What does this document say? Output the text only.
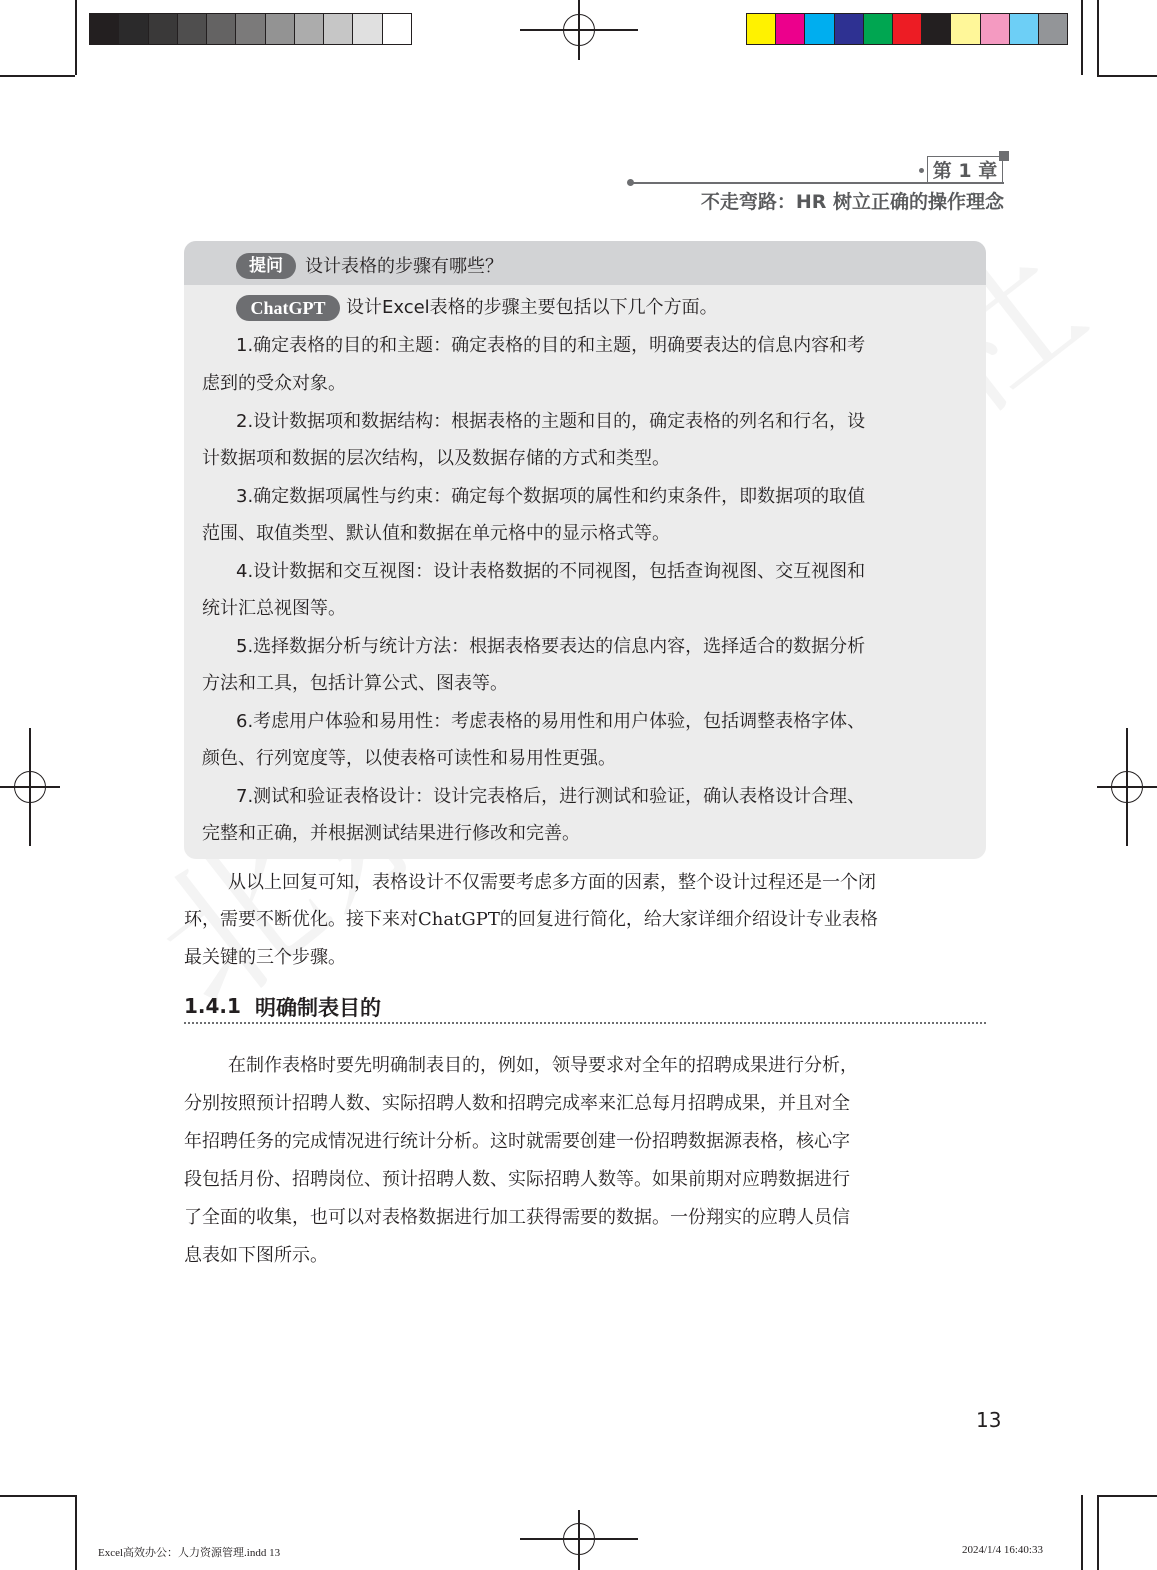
第 1 章
不走弯路：HR 树立正确的操作理念
提问	设计表格的步骤有哪些？
ChatGPT	设计Excel表格的步骤主要包括以下几个方面。
1.确定表格的目的和主题：确定表格的目的和主题，明确要表达的信息内容和考
虑到的受众对象。
2.设计数据项和数据结构：根据表格的主题和目的，确定表格的列名和行名，设
计数据项和数据的层次结构，以及数据存储的方式和类型。
3.确定数据项属性与约束：确定每个数据项的属性和约束条件，即数据项的取值
范围、取值类型、默认值和数据在单元格中的显示格式等。
4.设计数据和交互视图：设计表格数据的不同视图，包括查询视图、交互视图和
统计汇总视图等。
5.选择数据分析与统计方法：根据表格要表达的信息内容，选择适合的数据分析
方法和工具，包括计算公式、图表等。
6.考虑用户体验和易用性：考虑表格的易用性和用户体验，包括调整表格字体、
颜色、行列宽度等，以使表格可读性和易用性更强。
7.测试和验证表格设计：设计完表格后，进行测试和验证，确认表格设计合理、
完整和正确，并根据测试结果进行修改和完善。
从以上回复可知，表格设计不仅需要考虑多方面的因素，整个设计过程还是一个闭
环，需要不断优化。接下来对ChatGPT的回复进行简化，给大家详细介绍设计专业表格
最关键的三个步骤。
1.4.1 明确制表目的
在制作表格时要先明确制表目的，例如，领导要求对全年的招聘成果进行分析，
分别按照预计招聘人数、实际招聘人数和招聘完成率来汇总每月招聘成果，并且对全
年招聘任务的完成情况进行统计分析。这时就需要创建一份招聘数据源表格，核心字
段包括月份、招聘岗位、预计招聘人数、实际招聘人数等。如果前期对应聘数据进行
了全面的收集，也可以对表格数据进行加工获得需要的数据。一份翔实的应聘人员信
息表如下图所示。
13
Excel高效办公：人力资源管理.indd 13	2024/1/4 16:40:33
